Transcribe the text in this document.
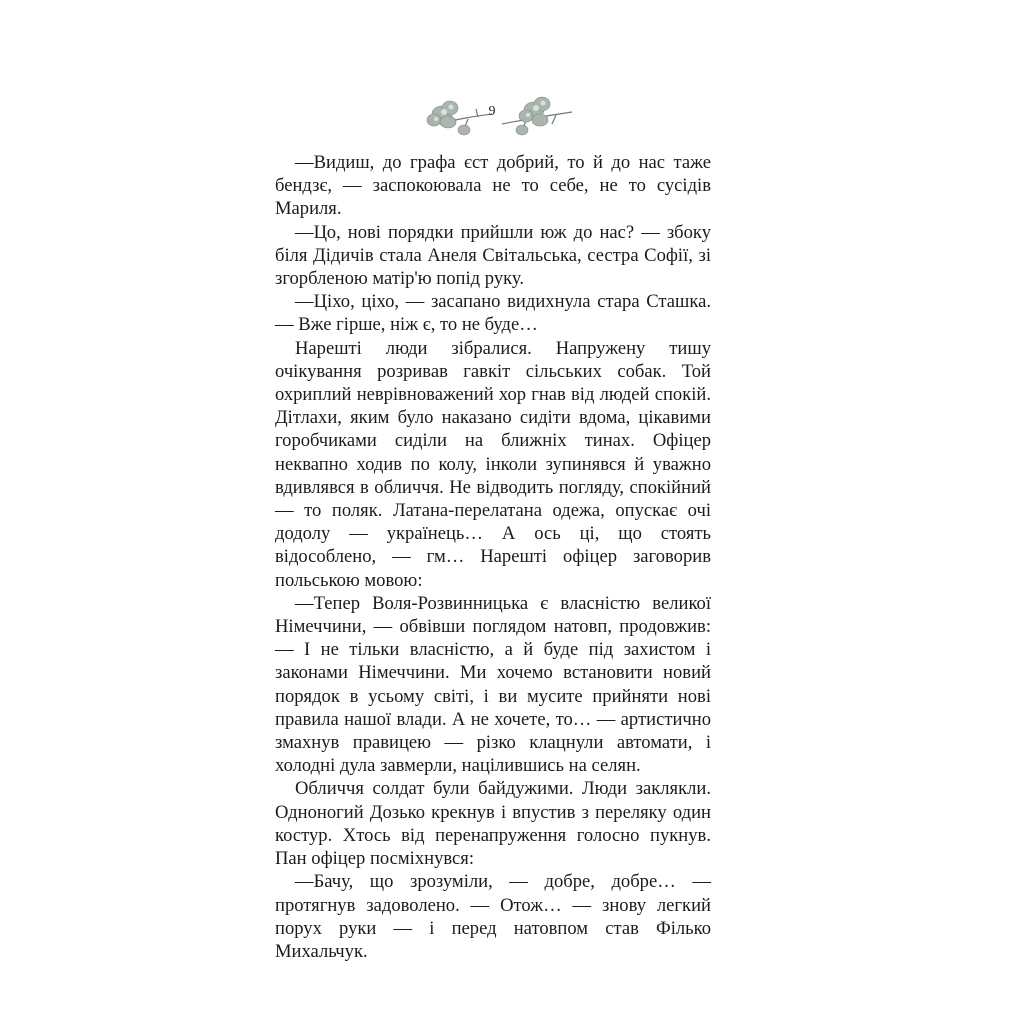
9

—Видиш, до графа єст добрий, то й до нас таже бендзє, — заспокоювала не то себе, не то сусідів Мариля.

—Цо, нові порядки прийшли юж до нас? — збоку біля Дідичів стала Анеля Світальська, сестра Софії, зі згорбленою матір'ю попід руку.

—Ціхо, ціхо, — засапано видихнула стара Сташка. — Вже гірше, ніж є, то не буде…

Нарешті люди зібралися. Напружену тишу очікування розривав гавкіт сільських собак. Той охриплий неврівноважений хор гнав від людей спокій. Дітлахи, яким було наказано сидіти вдома, цікавими горобчиками сиділи на ближніх тинах. Офіцер неквапно ходив по колу, інколи зупинявся й уважно вдивлявся в обличчя. Не відводить погляду, спокійний — то поляк. Латана-перелатана одежа, опускає очі додолу — українець… А ось ці, що стоять відособлено, — гм… Нарешті офіцер заговорив польською мовою:

—Тепер Воля-Розвинницька є власністю великої Німеччини, — обвівши поглядом натовп, продовжив: — І не тільки власністю, а й буде під захистом і законами Німеччини. Ми хочемо встановити новий порядок в усьому світі, і ви мусите прийняти нові правила нашої влади. А не хочете, то… — артистично змахнув правицею — різко клацнули автомати, і холодні дула завмерли, націлившись на селян.

Обличчя солдат були байдужими. Люди заклякли. Одноногий Дозько крекнув і впустив з переляку один костур. Хтось від перенапруження голосно пукнув. Пан офіцер посміхнувся:

—Бачу, що зрозуміли, — добре, добре… — протягнув задоволено. — Отож… — знову легкий порух руки — і перед натовпом став Філько Михальчук.
